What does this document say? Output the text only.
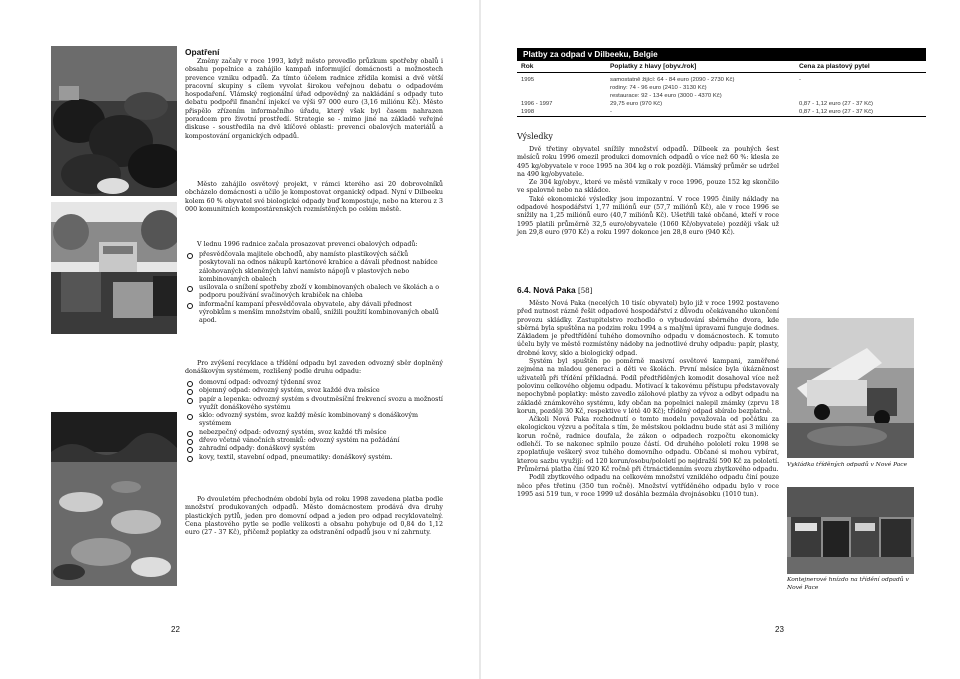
Opatření

Změny začaly v roce 1993, když město provedlo průzkum spotřeby obalů i obsahu popelnice a zahájilo kampaň informující domácnosti a možnostech prevence vzniku odpadů. Za tímto účelem radnice zřídila komisi a dvě větší pracovní skupiny s cílem vyvolat širokou veřejnou debatu o odpadovém hospodaření. Vlámský regionální úřad odpovědný za nakládání s odpady tuto debatu podpořil finanční injekcí ve výši 97 000 euro (3,16 miliónu Kč). Město přispělo zřízením informačního úřadu, který však byl časem nahrazen poradcem pro životní prostředí. Strategie se - mimo jiné na základě veřejné diskuse - soustředila na dvě klíčové oblasti: prevenci obalových materiálů a kompostování organických odpadů.

Město zahájilo osvětový projekt, v rámci kterého asi 20 dobrovolníků obcházelo domácnosti a učilo je kompostovat organický odpad. Nyní v Dilbeeku kolem 60 % obyvatel své biologické odpady buď kompostuje, nebo na kterou z 3 000 komunitních kompostárenských rozmístěných po celém městě.

V lednu 1996 radnice začala prosazovat prevenci obalových odpadů:

přesvědčovala majitele obchodů, aby namísto plastikových sáčků poskytovali na odnos nákupů kartónové krabice a dávali přednost nabídce zálohovaných skleněných lahví namísto nápojů v plastových nebo kombinovaných obalech
usilovala o snížení spotřeby zboží v kombinovaných obalech ve školách a o podporu používání svačinových krabiček na chleba
informační kampaní přesvědčovala obyvatele, aby dávali přednost výrobkům s menším množstvím obalů, snížili použití kombinovaných obalů apod.

Pro zvýšení recyklace a třídění odpadu byl zaveden odvozný sběr doplněný donáškovým systémem, rozlišený podle druhu odpadu:

domovní odpad: odvozný týdenní svoz
objemný odpad: odvozný systém, svoz každé dva měsíce
papír a lepenka: odvozný systém s dvoutměsíční frekvencí svozu a možností využít donáškového systému
sklo: odvozný systém, svoz každý měsíc kombinovaný s donáškovým systémem
nebezpečný odpad: odvozný systém, svoz každé tři měsíce
dřevo včetně vánočních stromků: odvozný systém na požádání
zahradní odpady: donáškový systém
kovy, textil, stavební odpad, pneumatiky: donáškový systém.

Po dvouletém přechodném období byla od roku 1998 zavedena platba podle množství produkovaných odpadů. Město domácnostem prodává dva druhy plastických pytlů, jeden pro domovní odpad a jeden pro odpad recyklovatelný. Cena plastového pytle se podle velikosti a obsahu pohybuje od 0,84 do 1,12 euro (27 - 37 Kč), přičemž poplatky za odstranění odpadů jsou v ní zahrnuty.

22
Platby za odpad v Dilbeeku, Belgie
Rok	Poplatky z hlavy [obyv./rok]	Cena za plastový pytel
1995	samostatně žijící: 64 - 84 euro (2090 - 2730 Kč)	-
rodiny: 74 - 96 euro (2410 - 3130 Kč)
restaurace: 92 - 134 euro (3000 - 4370 Kč)
1996 - 1997	29,75 euro (970 Kč)	0,87 - 1,12 euro (27 - 37 Kč)
1998	-	0,87 - 1,12 euro (27 - 37 Kč)
Výsledky

Dvě třetiny obyvatel snížily množství odpadů. Dílbeek za pouhých šest měsíců roku 1996 omezil produkci domovních odpadů o více než 60 %: klesla ze 495 kg/obyvatele v roce 1995 na 304 kg o rok později. Vlámský průměr se udržel na 490 kg/obyvatele.

Ze 304 kg/obyv., které ve městě vznikaly v roce 1996, pouze 152 kg skončilo ve spalovně nebo na skládce.

Také ekonomické výsledky jsou impozantní. V roce 1995 činily náklady na odpadové hospodářství 1,77 miliónů eur (57,7 miliónů Kč), ale v roce 1996 se snížily na 1,25 miliónů euro (40,7 miliónů Kč). Ušetřili také občané, kteří v roce 1995 platili průměrně 32,5 euro/obyvatele (1060 Kč/obyvatele) později však už jen 29,8 euro (970 Kč) a roku 1997 dokonce jen 28,8 euro (940 Kč).

6.4. Nová Paka [58]

Město Nová Paka (necelých 10 tisíc obyvatel) bylo již v roce 1992 postaveno před nutnost rázně řešit odpadové hospodářství z důvodu očekávaného ukončení provozu skládky. Zastupitelstvo rozhodlo o vybudování sběrného dvora, kde sběrná byla spuštěna na podzim roku 1994 a s malými úpravami funguje dodnes. Základem je předtřídění tuhého domovního odpadu v domácnostech. K tomuto účelu byly ve městě rozmístěny nádoby na jednotlivé druhy odpadu: papír, plasty, drobné kovy, sklo a biologický odpad.

Systém byl spuštěn po poměrně masivní osvětové kampani, zaměřené zejména na mladou generaci a děti ve školách. První měsíce byla úkázněnost uživatelů při třídění příkladná. Podíl předtříděných komodit dosahoval více než polovinu celkového objemu odpadu. Motivací k takovému přístupu představovaly nepochybně poplatky: město zavedlo zálohové platby za vývoz a odbyt odpadu na základě známkového systému, kdy občan na popelnici nalepil známky (zprvu 18 korun, později 30 Kč, respektive v létě 40 Kč); tříděný odpad sbíralo bezplatně.

Ačkoli Nová Paka rozhodnutí o tomto modelu považovala od počátku za ekologickou výzvu a počítala s tím, že městskou pokladnu bude stát asi 3 milióny korun ročně, radnice doufala, že zákon o odpadech rozpočtu ekonomicky odlehčí. To se nakonec splnilo pouze částí. Od druhého pololetí roku 1998 se zpoplatňuje veškerý svoz tuhého domovního odpadu. Občané si mohou vybírat, kterou sazbu využijí: od 120 korun/osobu/pololetí po nejdražší 590 Kč za pololetí. Průměrná platba činí 920 Kč ročně při čtrnáctidenním svozu zbytkového odpadu.

Podíl zbytkového odpadu na celkovém množství vzniklého odpadu činí pouze něco přes třetinu (350 tun ročně). Množství vytříděného odpadu bylo v roce 1995 asi 519 tun, v roce 1999 už dosáhla bezmála dvojnásobku (1010 tun).

Vykládka tříděných odpadů v Nové Pace
Kontejnerové hnízdo na třídění odpadů v Nové Pace
23
